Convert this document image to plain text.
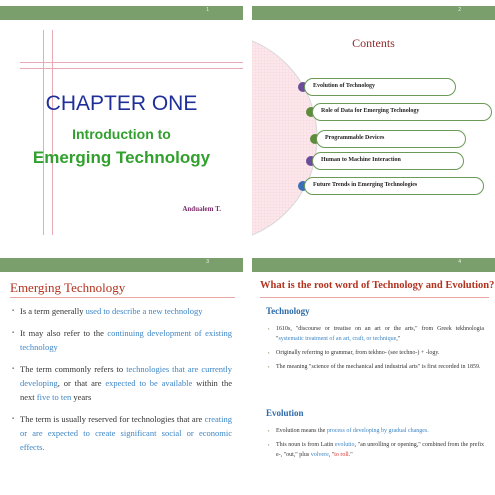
1
CHAPTER ONE
Introduction to
Emerging Technology
Andualem T.
2
Contents
Evolution of Technology
Role of Data for Emerging Technology
Programmable Devices
Human to Machine Interaction
Future Trends in Emerging Technologies
3
Emerging Technology
▪ Is a term generally used to describe a new technology
▪ It may also refer to the continuing development of existing technology
▪ The term commonly refers to technologies that are currently developing, or that are expected to be available within the next five to ten years
▪ The term is usually reserved for technologies that are creating or are expected to create significant social or economic effects.
4
What is the root word of Technology and Evolution?
Technology
▪ 1610s, "discourse or treatise on an art or the arts," from Greek tekhnologia "systematic treatment of an art, craft, or technique,"
▪ Originally referring to grammar, from tekhno- (see techno-) + -logy.
▪ The meaning "science of the mechanical and industrial arts" is first recorded in 1859.
Evolution
▪ Evolution means the process of developing by gradual changes.
▪ This noun is from Latin evolutio, "an unrolling or opening," combined from the prefix e-, "out," plus volvere, "to roll."
